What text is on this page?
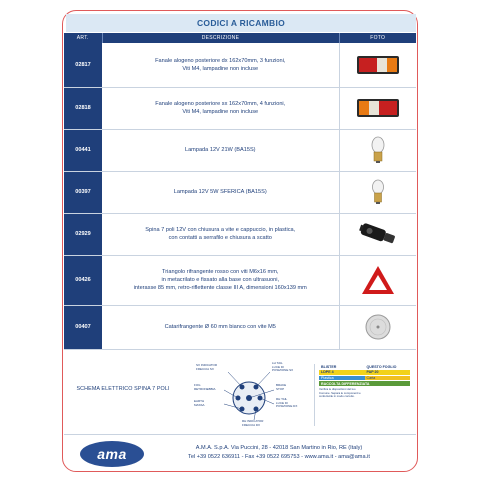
CODICI A RICAMBIO
ART.	DESCRIZIONE	FOTO
02817	Fanale alogeno posteriore dx 162x70mm, 3 funzioni,
Viti M4, lampadine non incluse	

02818	Fanale alogeno posteriore sx 162x70mm, 4 funzioni,
Viti M4, lampadine non incluse	

00441	Lampada 12V 21W (BA15S)	

00397	Lampada 12V 5W SFERICA (BA15S)	

02929	Spina 7 poli 12V con chiusura a vite e cappuccio, in plastica,
con contatti a serrafilo e chiusura a scatto	

00426	Triangolo rifrangente rosso con viti M6x16 mm,
in metacrilato e fissato alla base con ultrasuoni,
interasse 85 mm, retro-riflettente classe III A, dimensioni 160x139 mm	

00407	Catarifrangente Ø 60 mm bianco con vite M5	
SCHEMA ELETTRICO SPINA 7 POLI
SX INDICATOR
FRECCIA SX
LH TAIL
LUCE DI
POSIZIONE SX
FOG
RETRONEBBIA
BRAKE
STOP
EARTH
MASSA
RH TAIL
LUCE DI
POSIZIONE DX
RH INDICATOR
FRECCIA DX
BLISTER	QUESTO FOGLIO
LDPE 4	PAP 20
Plastica	Carta
RACCOLTA DIFFERENZIATA
Verifica le disposizioni del tuo Comune. Separa le componenti e conferiscile in modo corretto.
ama	A.M.A. S.p.A. Via Puccini, 28 - 42018 San Martino in Rio, RE (Italy)
Tel +39 0522 636911 - Fax +39 0522 695753 - www.ama.it - ama@ama.it
